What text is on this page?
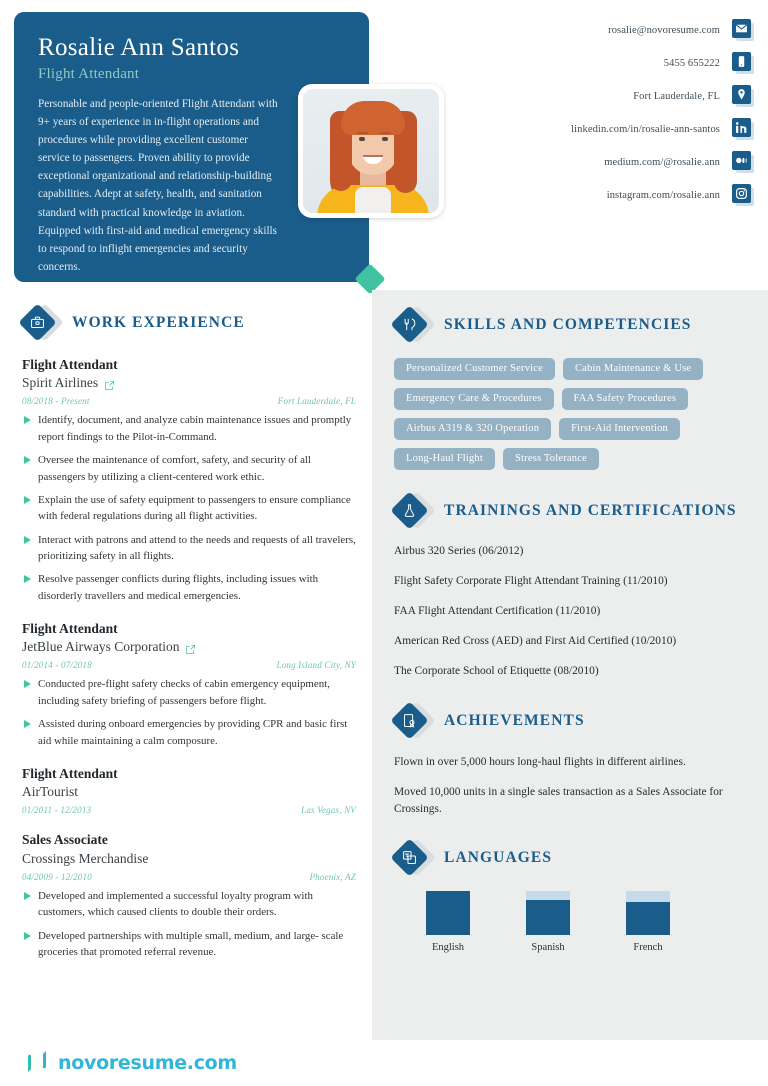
Rosalie Ann Santos
Flight Attendant
Personable and people-oriented Flight Attendant with 9+ years of experience in in-flight operations and procedures while providing excellent customer service to passengers. Proven ability to provide exceptional organizational and relationship-building capabilities. Adept at safety, health, and sanitation standard with practical knowledge in aviation. Equipped with first-aid and medical emergency skills to respond to inflight emergencies and security concerns.
rosalie@novoresume.com
5455 655222
Fort Lauderdale, FL
linkedin.com/in/rosalie-ann-santos
medium.com/@rosalie.ann
instagram.com/rosalie.ann
WORK EXPERIENCE
Flight Attendant
Spirit Airlines
08/2018 - Present	Fort Lauderdale, FL
Identify, document, and analyze cabin maintenance issues and promptly report findings to the Pilot-in-Command.
Oversee the maintenance of comfort, safety, and security of all passengers by utilizing a client-centered work ethic.
Explain the use of safety equipment to passengers to ensure compliance with federal regulations during all flight activities.
Interact with patrons and attend to the needs and requests of all travelers, prioritizing safety in all flights.
Resolve passenger conflicts during flights, including issues with disorderly travellers and medical emergencies.
Flight Attendant
JetBlue Airways Corporation
01/2014 - 07/2018	Long Island City, NY
Conducted pre-flight safety checks of cabin emergency equipment, including safety briefing of passengers before flight.
Assisted during onboard emergencies by providing CPR and basic first aid while maintaining a calm composure.
Flight Attendant
AirTourist
01/2011 - 12/2013	Las Vegas, NV
Sales Associate
Crossings Merchandise
04/2009 - 12/2010	Phoenix, AZ
Developed and implemented a successful loyalty program with customers, which caused clients to double their orders.
Developed partnerships with multiple small, medium, and large- scale groceries that promoted referral revenue.
SKILLS AND COMPETENCIES
Personalized Customer Service	Cabin Maintenance & Use
Emergency Care & Procedures	FAA Safety Procedures
Airbus A319 & 320 Operation	First-Aid Intervention
Long-Haul Flight	Stress Tolerance
TRAININGS AND CERTIFICATIONS
Airbus 320 Series (06/2012)
Flight Safety Corporate Flight Attendant Training (11/2010)
FAA Flight Attendant Certification (11/2010)
American Red Cross (AED) and First Aid Certified (10/2010)
The Corporate School of Etiquette (08/2010)
ACHIEVEMENTS
Flown in over 5,000 hours long-haul flights in different airlines.
Moved 10,000 units in a single sales transaction as a Sales Associate for Crossings.
LANGUAGES
English	Spanish	French
novoresume.com
